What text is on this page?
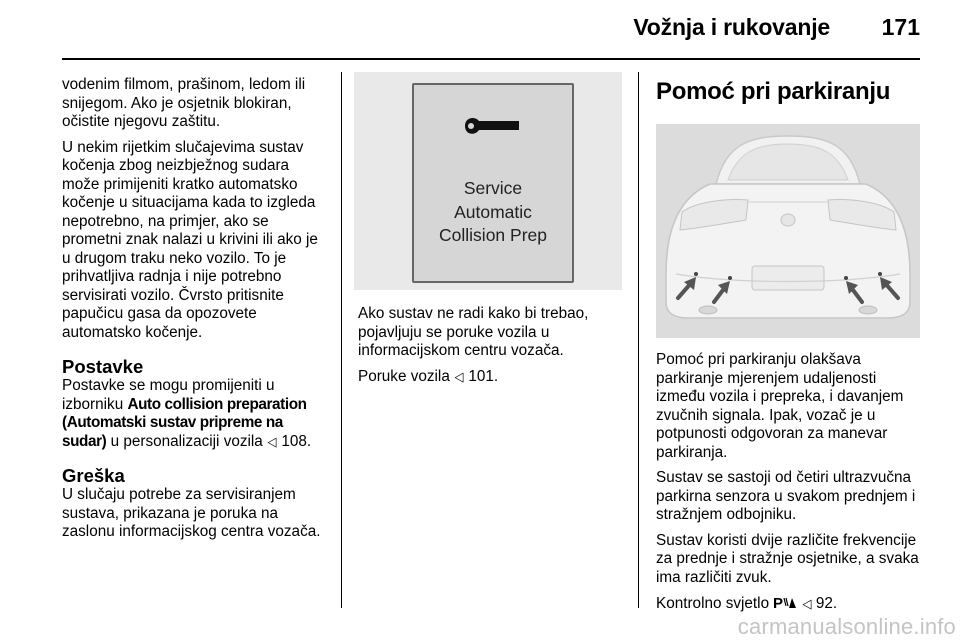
Vožnja i rukovanje 171

vodenim filmom, prašinom, ledom ili snijegom. Ako je osjetnik blokiran, očistite njegovu zaštitu.

U nekim rijetkim slučajevima sustav kočenja zbog neizbježnog sudara može primijeniti kratko automatsko kočenje u situacijama kada to izgleda nepotrebno, na primjer, ako se prometni znak nalazi u krivini ili ako je u drugom traku neko vozilo. To je prihvatljiva radnja i nije potrebno servisirati vozilo. Čvrsto pritisnite papučicu gasa da opozovete automatsko kočenje.

Postavke

Postavke se mogu promijeniti u izborniku Auto collision preparation (Automatski sustav pripreme na sudar) u personalizaciji vozila ◁ 108.

Greška

U slučaju potrebe za servisiranjem sustava, prikazana je poruka na zaslonu informacijskog centra vozača.

Service
Automatic
Collision Prep

Ako sustav ne radi kako bi trebao, pojavljuju se poruke vozila u informacijskom centru vozača.

Poruke vozila ◁ 101.

Pomoć pri parkiranju

Pomoć pri parkiranju olakšava parkiranje mjerenjem udaljenosti između vozila i prepreka, i davanjem zvučnih signala. Ipak, vozač je u potpunosti odgovoran za manevar parkiranja.

Sustav se sastoji od četiri ultrazvučna parkirna senzora u svakom prednjem i stražnjem odbojniku.

Sustav koristi dvije različite frekvencije za prednje i stražnje osjetnike, a svaka ima različiti zvuk.

Kontrolno svjetlo P ◁ 92.

carmanualsonline.info
